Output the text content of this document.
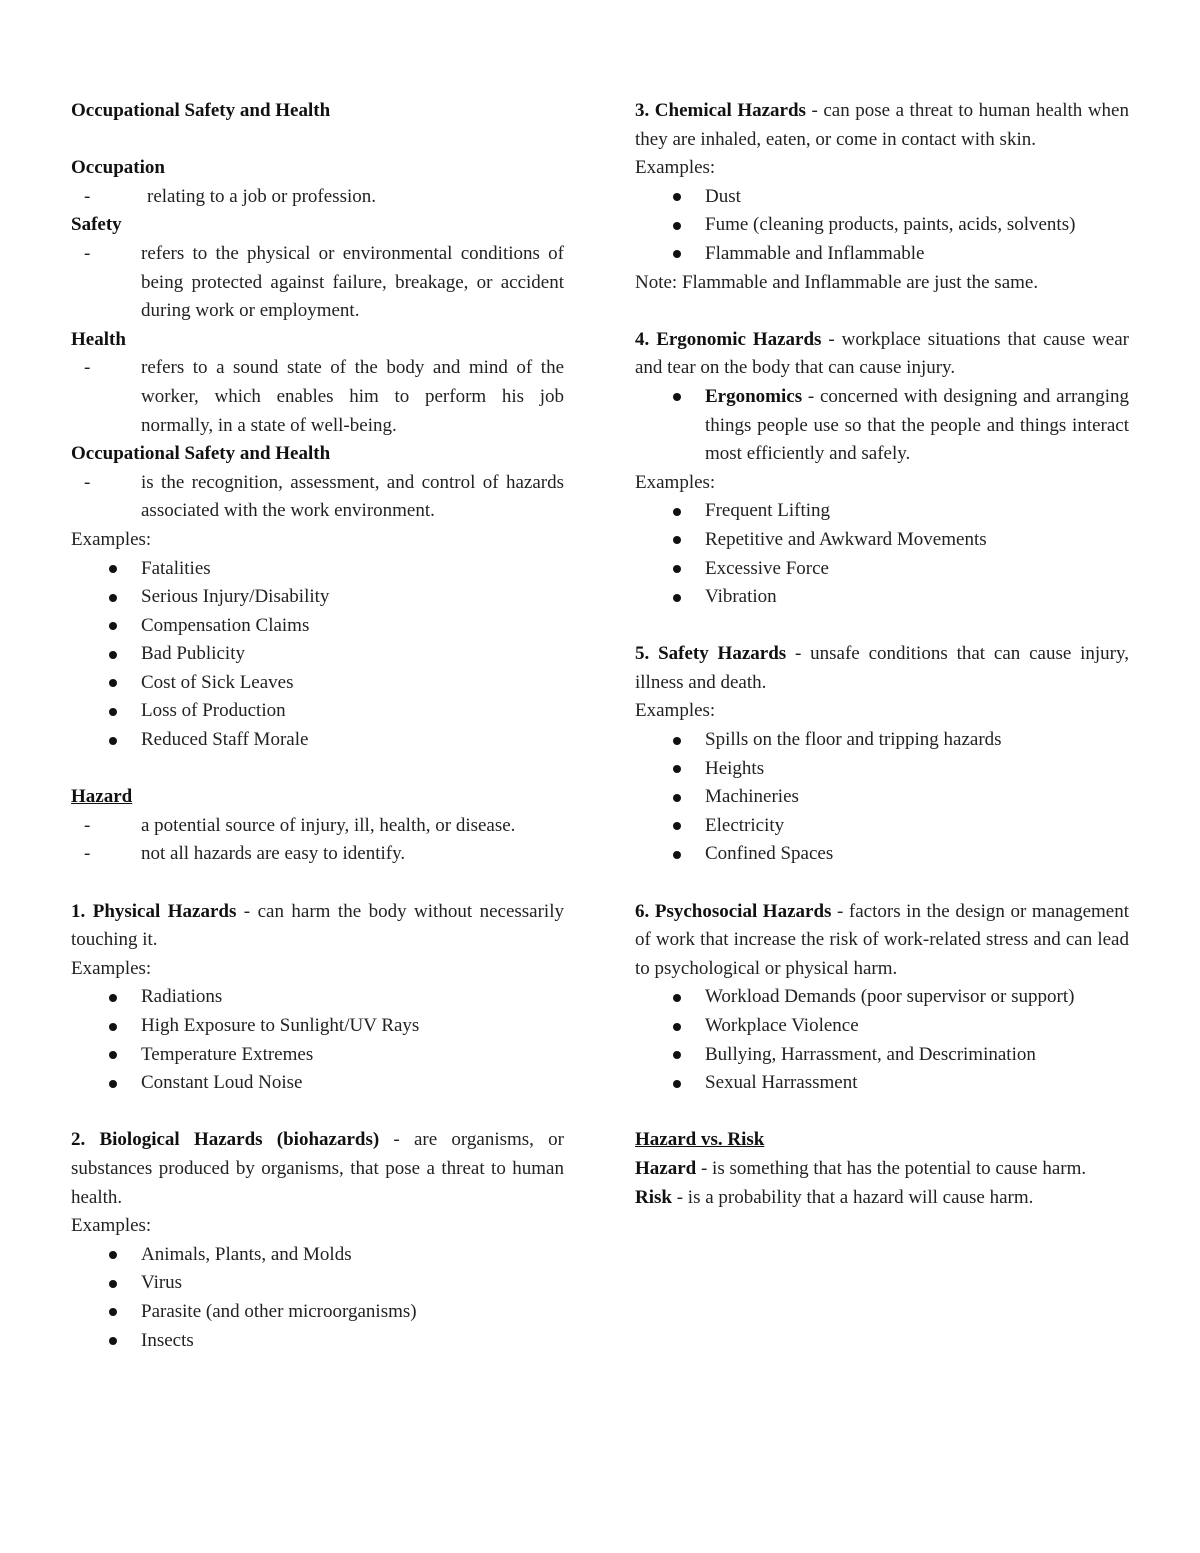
Occupational Safety and Health

Occupation

-	relating to a job or profession.

Safety

-	refers to the physical or environmental conditions of being protected against failure, breakage, or accident during work or employment.

Health

-	refers to a sound state of the body and mind of the worker, which enables him to perform his job normally, in a state of well-being.

Occupational Safety and Health

-	is the recognition, assessment, and control of hazards associated with the work environment.

Examples:

Fatalities
Serious Injury/Disability
Compensation Claims
Bad Publicity
Cost of Sick Leaves
Loss of Production
Reduced Staff Morale

Hazard

-	a potential source of injury, ill, health, or disease.
-	not all hazards are easy to identify.

1. Physical Hazards - can harm the body without necessarily touching it.

Examples:

Radiations
High Exposure to Sunlight/UV Rays
Temperature Extremes
Constant Loud Noise

2. Biological Hazards (biohazards) - are organisms, or substances produced by organisms, that pose a threat to human health.

Examples:

Animals, Plants, and Molds
Virus
Parasite (and other microorganisms)
Insects

3. Chemical Hazards - can pose a threat to human health when they are inhaled, eaten, or come in contact with skin.

Examples:

Dust
Fume (cleaning products, paints, acids, solvents)
Flammable and Inflammable

Note: Flammable and Inflammable are just the same.

4. Ergonomic Hazards - workplace situations that cause wear and tear on the body that can cause injury.

Ergonomics - concerned with designing and arranging things people use so that the people and things interact most efficiently and safely.

Examples:

Frequent Lifting
Repetitive and Awkward Movements
Excessive Force
Vibration

5. Safety Hazards - unsafe conditions that can cause injury, illness and death.

Examples:

Spills on the floor and tripping hazards
Heights
Machineries
Electricity
Confined Spaces

6. Psychosocial Hazards - factors in the design or management of work that increase the risk of work-related stress and can lead to psychological or physical harm.

Workload Demands (poor supervisor or support)
Workplace Violence
Bullying, Harrassment, and Descrimination
Sexual Harrassment

Hazard vs. Risk

Hazard - is something that has the potential to cause harm.

Risk - is a probability that a hazard will cause harm.
